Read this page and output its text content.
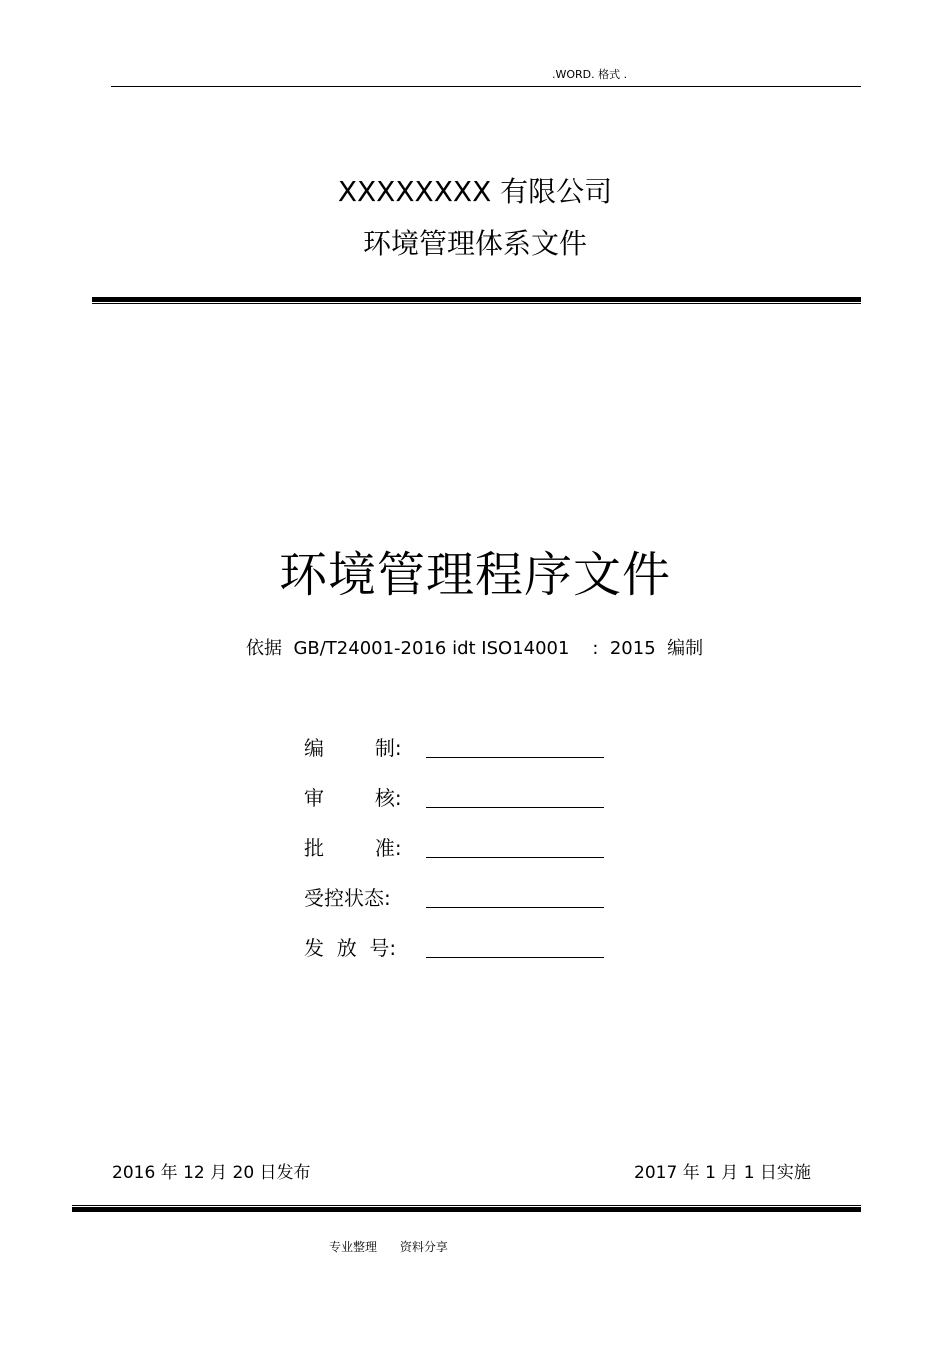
.WORD. 格式 .
XXXXXXXX 有限公司
环境管理体系文件
环境管理程序文件
依据  GB/T24001-2016 idt ISO14001    :  2015  编制
编        制:
审        核:
批        准:
受控状态:
发  放  号:
2016 年 12 月 20 日发布	2017 年 1 月 1 日实施
专业整理      资料分享
